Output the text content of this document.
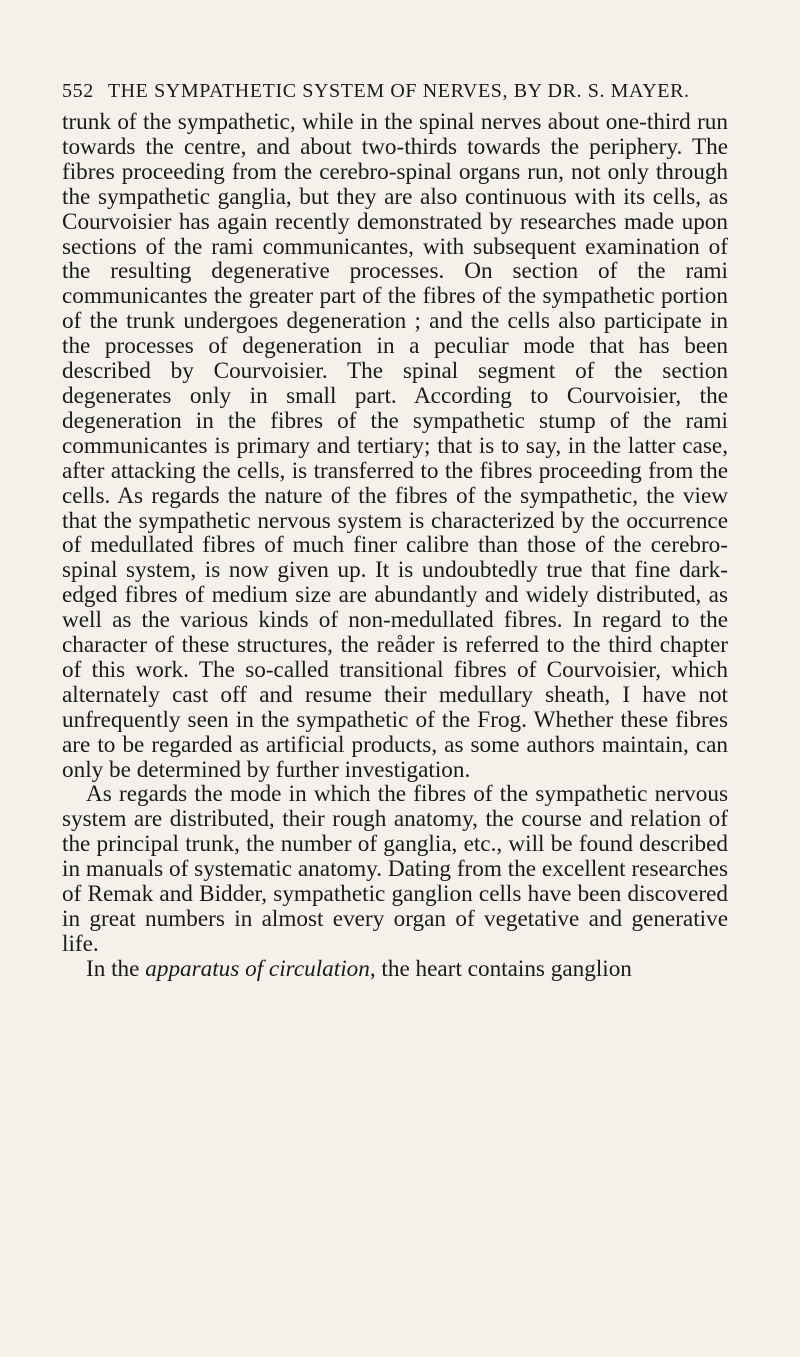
552 THE SYMPATHETIC SYSTEM OF NERVES, BY DR. S. MAYER.

trunk of the sympathetic, while in the spinal nerves about one-third run towards the centre, and about two-thirds towards the periphery. The fibres proceeding from the cerebro-spinal organs run, not only through the sympathetic ganglia, but they are also continuous with its cells, as Courvoisier has again recently demonstrated by researches made upon sections of the rami communicantes, with subsequent examination of the resulting degenerative processes. On section of the rami communicantes the greater part of the fibres of the sympathetic portion of the trunk undergoes degeneration ; and the cells also participate in the processes of degeneration in a peculiar mode that has been described by Courvoisier. The spinal segment of the section degenerates only in small part. According to Courvoisier, the degeneration in the fibres of the sympathetic stump of the rami communicantes is primary and tertiary; that is to say, in the latter case, after attacking the cells, is transferred to the fibres proceeding from the cells. As regards the nature of the fibres of the sympathetic, the view that the sympathetic nervous system is characterized by the occurrence of medullated fibres of much finer calibre than those of the cerebro-spinal system, is now given up. It is undoubtedly true that fine dark-edged fibres of medium size are abundantly and widely distributed, as well as the various kinds of non-medullated fibres. In regard to the character of these structures, the reåder is referred to the third chapter of this work. The so-called transitional fibres of Courvoisier, which alternately cast off and resume their medullary sheath, I have not unfrequently seen in the sympathetic of the Frog. Whether these fibres are to be regarded as artificial products, as some authors maintain, can only be determined by further investigation.

As regards the mode in which the fibres of the sympathetic nervous system are distributed, their rough anatomy, the course and relation of the principal trunk, the number of ganglia, etc., will be found described in manuals of systematic anatomy. Dating from the excellent researches of Remak and Bidder, sympathetic ganglion cells have been discovered in great numbers in almost every organ of vegetative and generative life.

In the apparatus of circulation, the heart contains ganglion
